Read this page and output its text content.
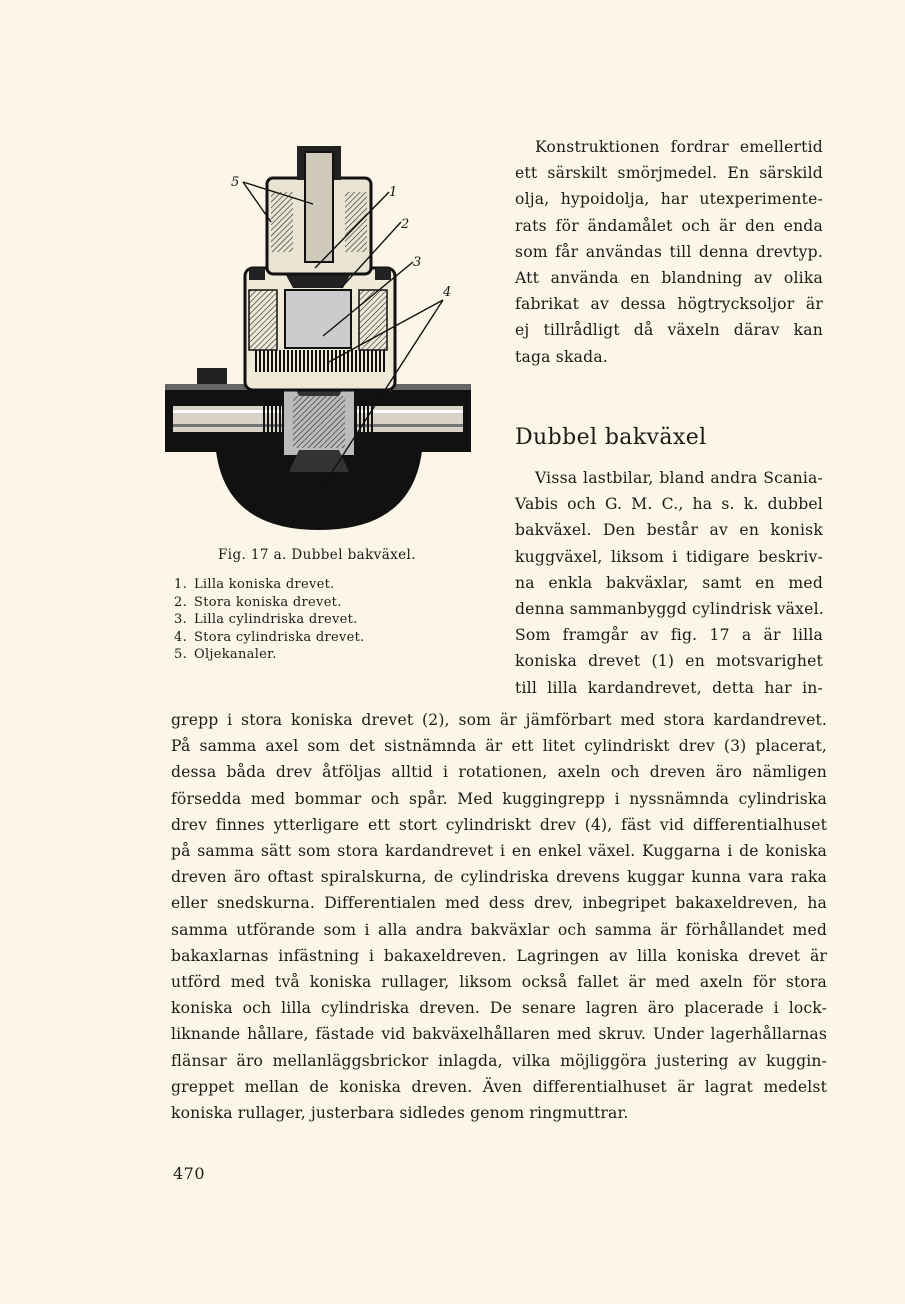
5
1
2
3
4
Fig. 17 a. Dubbel bakväxel.
1. Lilla koniska drevet.
2. Stora koniska drevet.
3. Lilla cylindriska drevet.
4. Stora cylindriska drevet.
5. Oljekanaler.
Konstruktionen fordrar emellertid
ett särskilt smörjmedel. En särskild
olja, hypoidolja, har utexperimente-
rats för ändamålet och är den enda
som får användas till denna drevtyp.
Att använda en blandning av olika
fabrikat av dessa högtrycksoljor är
ej tillrådligt då växeln därav kan
taga skada.
Dubbel bakväxel
Vissa lastbilar, bland andra Scania-
Vabis och G. M. C., ha s. k. dubbel
bakväxel. Den består av en konisk
kuggväxel, liksom i tidigare beskriv-
na enkla bakväxlar, samt en med
denna sammanbyggd cylindrisk växel.
Som framgår av fig. 17 a är lilla
koniska drevet (1) en motsvarighet
till lilla kardandrevet, detta har in-
grepp i stora koniska drevet (2), som är jämförbart med stora kardandrevet.
På samma axel som det sistnämnda är ett litet cylindriskt drev (3) placerat,
dessa båda drev åtföljas alltid i rotationen, axeln och dreven äro nämligen
försedda med bommar och spår. Med kuggingrepp i nyssnämnda cylindriska
drev finnes ytterligare ett stort cylindriskt drev (4), fäst vid differentialhuset
på samma sätt som stora kardandrevet i en enkel växel. Kuggarna i de koniska
dreven äro oftast spiralskurna, de cylindriska drevens kuggar kunna vara raka
eller snedskurna. Differentialen med dess drev, inbegripet bakaxeldreven, ha
samma utförande som i alla andra bakväxlar och samma är förhållandet med
bakaxlarnas infästning i bakaxeldreven. Lagringen av lilla koniska drevet är
utförd med två koniska rullager, liksom också fallet är med axeln för stora
koniska och lilla cylindriska dreven. De senare lagren äro placerade i lock-
liknande hållare, fästade vid bakväxelhållaren med skruv. Under lagerhållarnas
flänsar äro mellanläggsbrickor inlagda, vilka möjliggöra justering av kuggin-
greppet mellan de koniska dreven. Även differentialhuset är lagrat medelst
koniska rullager, justerbara sidledes genom ringmuttrar.
470
